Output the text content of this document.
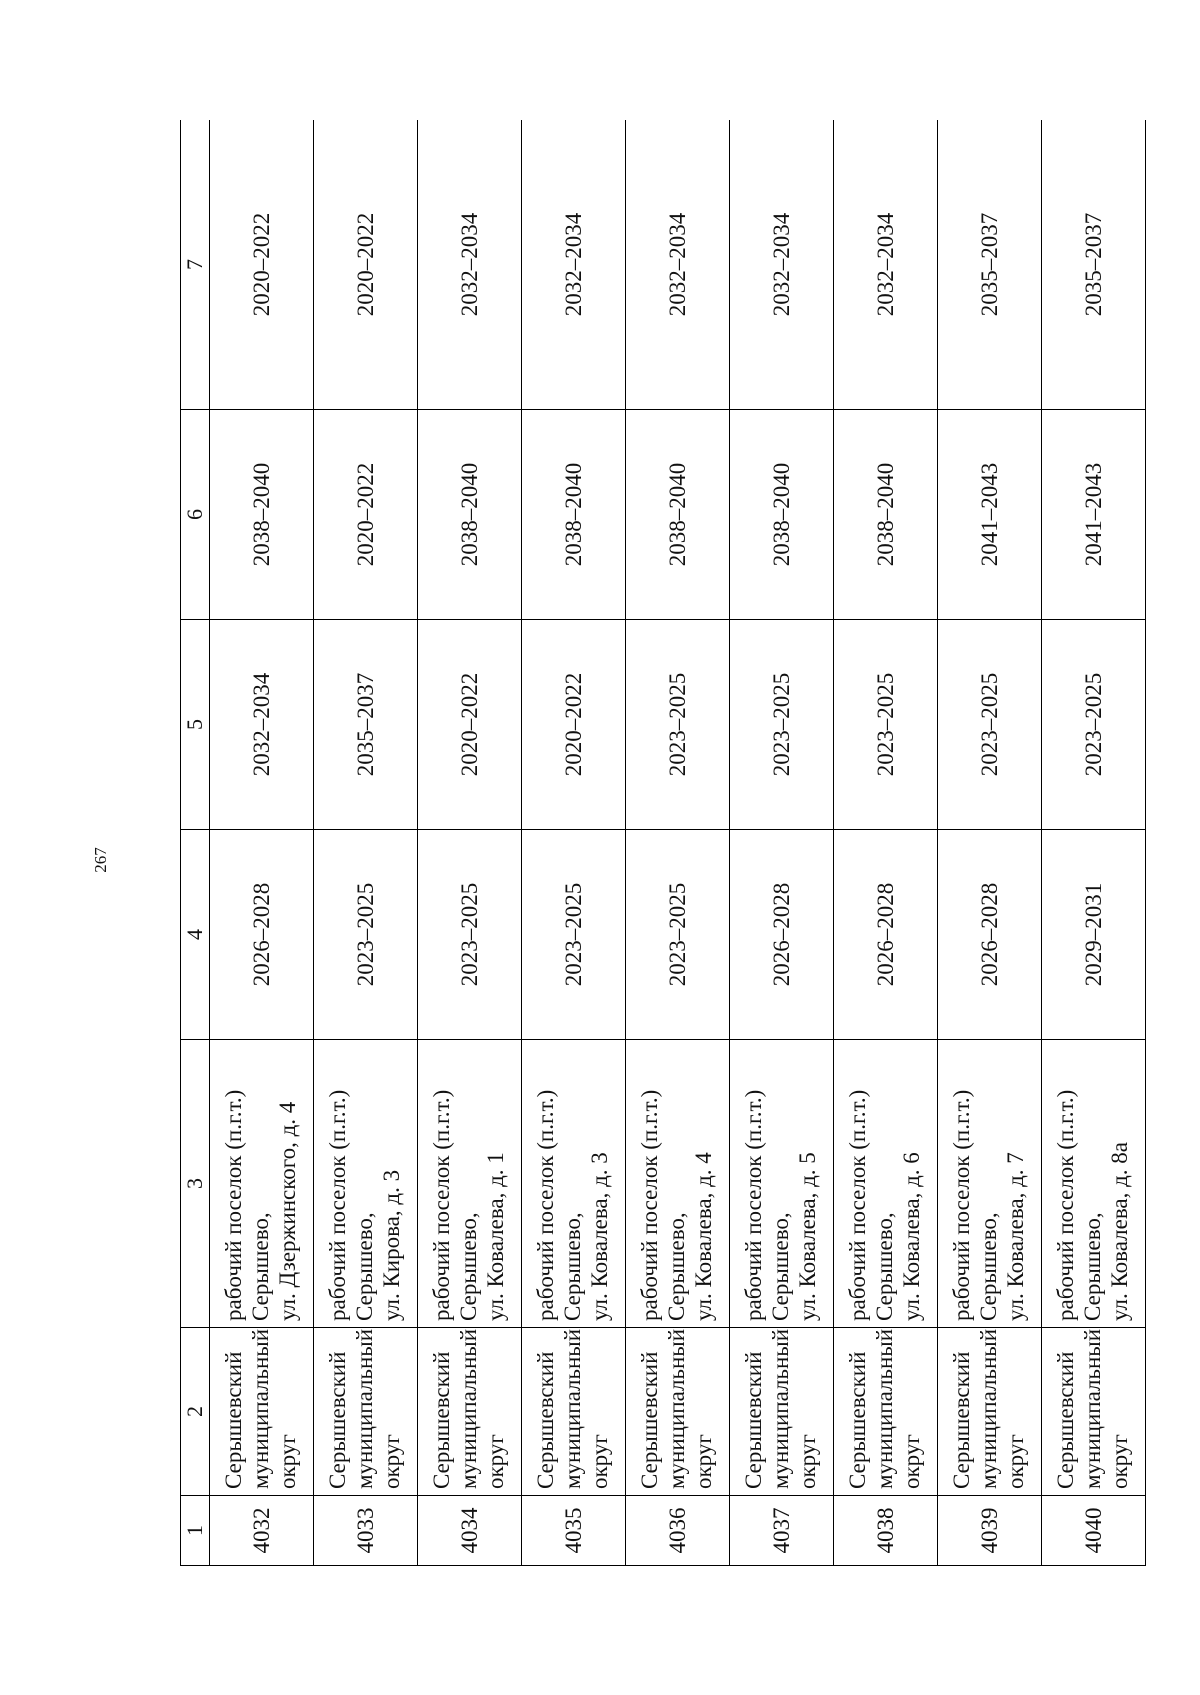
267
1	2	3	4	5	6	7
4032	Серышевский муниципальный округ	рабочий поселок (п.г.т.) Серышево, ул. Дзержинского, д. 4	2026–2028	2032–2034	2038–2040	2020–2022
4033	Серышевский муниципальный округ	рабочий поселок (п.г.т.) Серышево, ул. Кирова, д. 3	2023–2025	2035–2037	2020–2022	2020–2022
4034	Серышевский муниципальный округ	рабочий поселок (п.г.т.) Серышево, ул. Ковалева, д. 1	2023–2025	2020–2022	2038–2040	2032–2034
4035	Серышевский муниципальный округ	рабочий поселок (п.г.т.) Серышево, ул. Ковалева, д. 3	2023–2025	2020–2022	2038–2040	2032–2034
4036	Серышевский муниципальный округ	рабочий поселок (п.г.т.) Серышево, ул. Ковалева, д. 4	2023–2025	2023–2025	2038–2040	2032–2034
4037	Серышевский муниципальный округ	рабочий поселок (п.г.т.) Серышево, ул. Ковалева, д. 5	2026–2028	2023–2025	2038–2040	2032–2034
4038	Серышевский муниципальный округ	рабочий поселок (п.г.т.) Серышево, ул. Ковалева, д. 6	2026–2028	2023–2025	2038–2040	2032–2034
4039	Серышевский муниципальный округ	рабочий поселок (п.г.т.) Серышево, ул. Ковалева, д. 7	2026–2028	2023–2025	2041–2043	2035–2037
4040	Серышевский муниципальный округ	рабочий поселок (п.г.т.) Серышево, ул. Ковалева, д. 8а	2029–2031	2023–2025	2041–2043	2035–2037
